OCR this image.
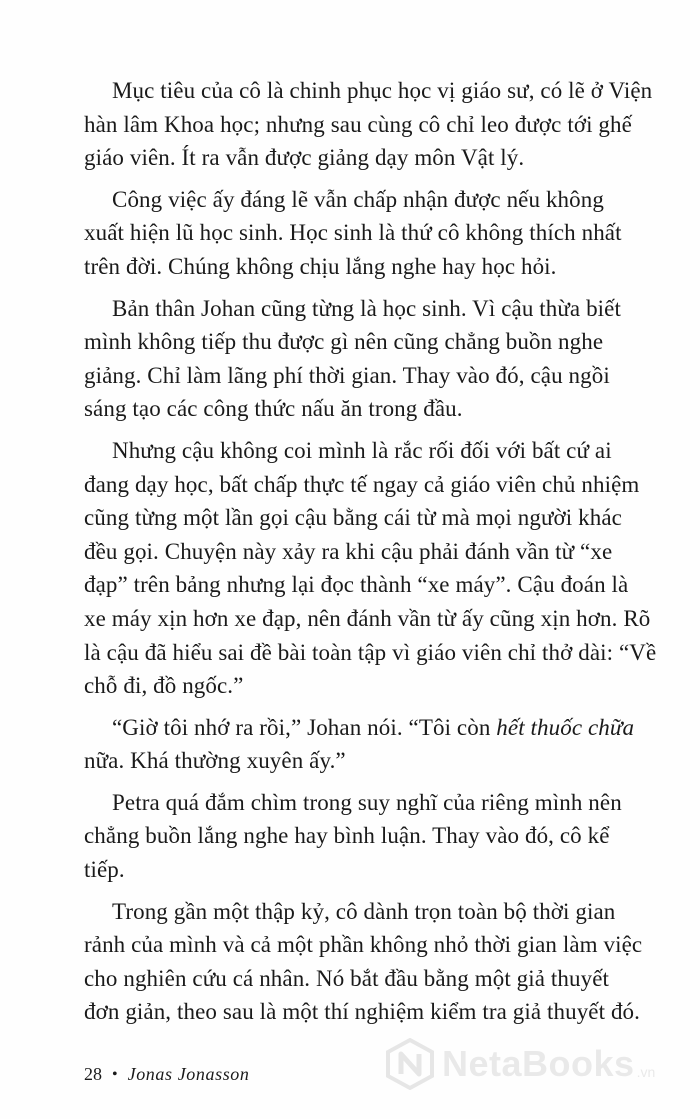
Mục tiêu của cô là chinh phục học vị giáo sư, có lẽ ở Viện
hàn lâm Khoa học; nhưng sau cùng cô chỉ leo được tới ghế
giáo viên. Ít ra vẫn được giảng dạy môn Vật lý.
Công việc ấy đáng lẽ vẫn chấp nhận được nếu không
xuất hiện lũ học sinh. Học sinh là thứ cô không thích nhất
trên đời. Chúng không chịu lắng nghe hay học hỏi.
Bản thân Johan cũng từng là học sinh. Vì cậu thừa biết
mình không tiếp thu được gì nên cũng chẳng buồn nghe
giảng. Chỉ làm lãng phí thời gian. Thay vào đó, cậu ngồi
sáng tạo các công thức nấu ăn trong đầu.
Nhưng cậu không coi mình là rắc rối đối với bất cứ ai
đang dạy học, bất chấp thực tế ngay cả giáo viên chủ nhiệm
cũng từng một lần gọi cậu bằng cái từ mà mọi người khác
đều gọi. Chuyện này xảy ra khi cậu phải đánh vần từ “xe
đạp” trên bảng nhưng lại đọc thành “xe máy”. Cậu đoán là
xe máy xịn hơn xe đạp, nên đánh vần từ ấy cũng xịn hơn. Rõ
là cậu đã hiểu sai đề bài toàn tập vì giáo viên chỉ thở dài: “Về
chỗ đi, đồ ngốc.”
“Giờ tôi nhớ ra rồi,” Johan nói. “Tôi còn hết thuốc chữa
nữa. Khá thường xuyên ấy.”
Petra quá đắm chìm trong suy nghĩ của riêng mình nên
chẳng buồn lắng nghe hay bình luận. Thay vào đó, cô kể
tiếp.
Trong gần một thập kỷ, cô dành trọn toàn bộ thời gian
rảnh của mình và cả một phần không nhỏ thời gian làm việc
cho nghiên cứu cá nhân. Nó bắt đầu bằng một giả thuyết
đơn giản, theo sau là một thí nghiệm kiểm tra giả thuyết đó.
28 • Jonas Jonasson	NetaBooks .vn
